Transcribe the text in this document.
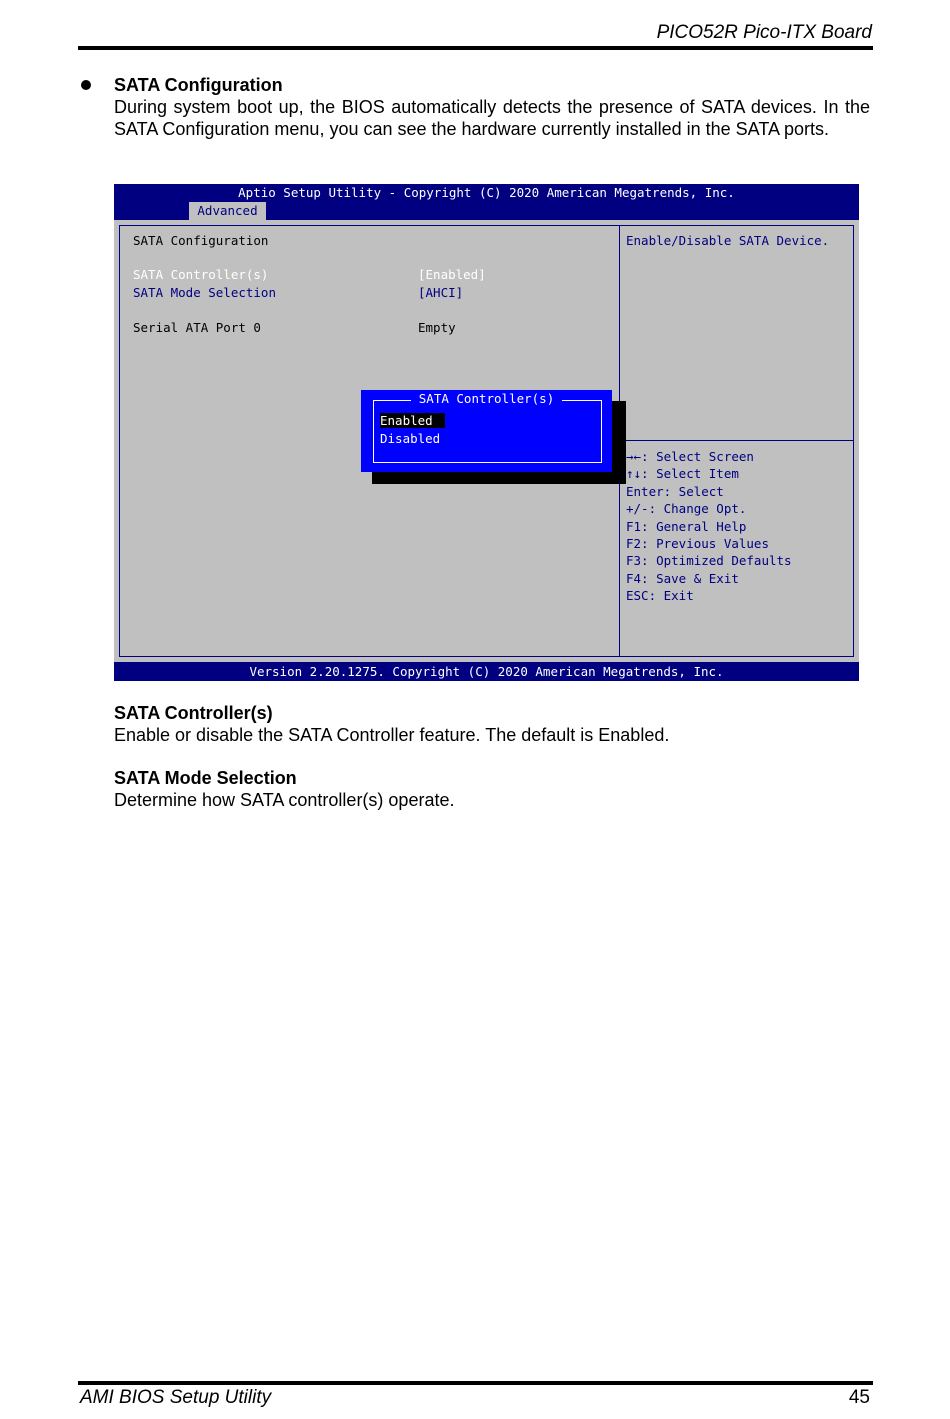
PICO52R Pico-ITX Board
SATA Configuration

During system boot up, the BIOS automatically detects the presence of SATA devices. In the SATA Configuration menu, you can see the hardware currently installed in the SATA ports.

Aptio Setup Utility - Copyright (C) 2020 American Megatrends, Inc.
Advanced
SATA Configuration
SATA Controller(s)	[Enabled]
SATA Mode Selection	[AHCI]
Serial ATA Port 0	Empty
Enable/Disable SATA Device.
→←: Select Screen
↑↓: Select Item
Enter: Select
+/-: Change Opt.
F1: General Help
F2: Previous Values
F3: Optimized Defaults
F4: Save & Exit
ESC: Exit
SATA Controller(s)
Enabled
Disabled
Version 2.20.1275. Copyright (C) 2020 American Megatrends, Inc.
SATA Controller(s)

Enable or disable the SATA Controller feature. The default is Enabled.

SATA Mode Selection

Determine how SATA controller(s) operate.

AMI BIOS Setup Utility	45
